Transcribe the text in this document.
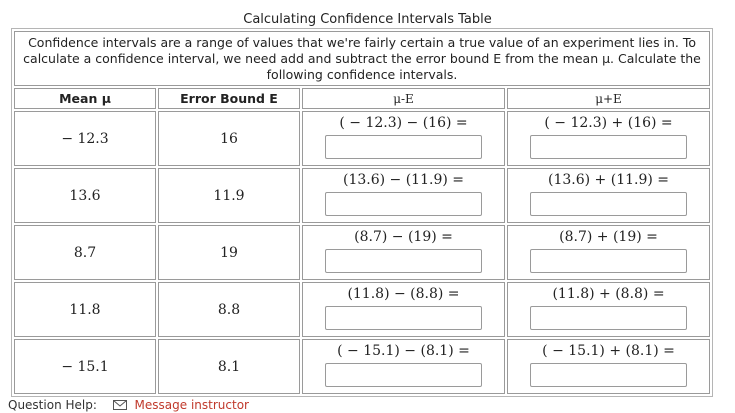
Calculating Confidence Intervals Table
Confidence intervals are a range of values that we're fairly certain a true value of an experiment lies in. To calculate a confidence interval, we need add and subtract the error bound E from the mean μ. Calculate the following confidence intervals.			
Mean μ	Error Bound E	μ-E	μ+E
− 12.3	16	( − 12.3) − (16) =	( − 12.3) + (16) =

13.6	11.9	(13.6) − (11.9) =	(13.6) + (11.9) =

8.7	19	(8.7) − (19) =	(8.7) + (19) =

11.8	8.8	(11.8) − (8.8) =	(11.8) + (8.8) =

− 15.1	8.1	( − 15.1) − (8.1) =	( − 15.1) + (8.1) =
Question Help:	Message instructor
